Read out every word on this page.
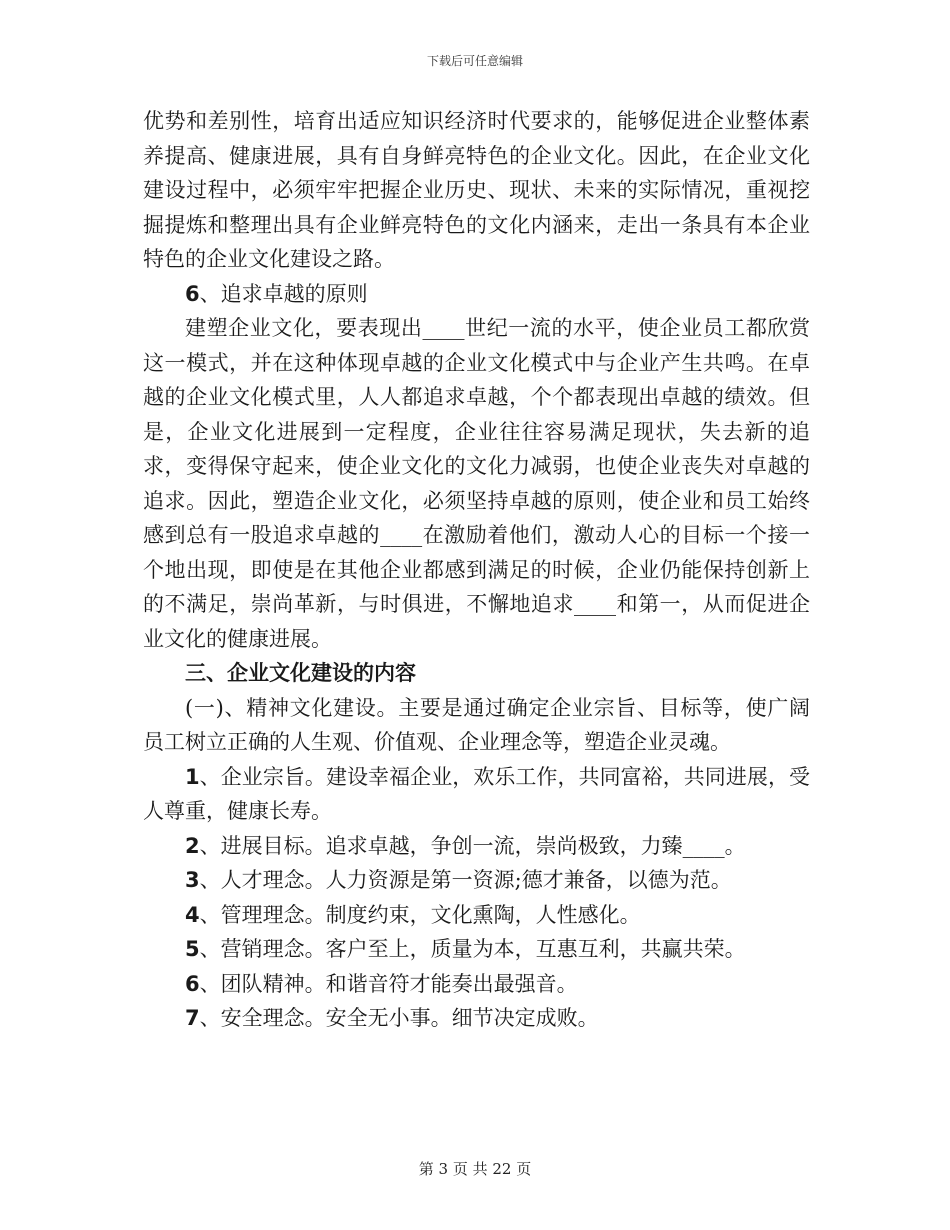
下载后可任意编辑

优势和差别性，培育出适应知识经济时代要求的，能够促进企业整体素养提高、健康进展，具有自身鲜亮特色的企业文化。因此，在企业文化建设过程中，必须牢牢把握企业历史、现状、未来的实际情况，重视挖掘提炼和整理出具有企业鲜亮特色的文化内涵来，走出一条具有本企业特色的企业文化建设之路。

6、追求卓越的原则

建塑企业文化，要表现出____世纪一流的水平，使企业员工都欣赏这一模式，并在这种体现卓越的企业文化模式中与企业产生共鸣。在卓越的企业文化模式里，人人都追求卓越，个个都表现出卓越的绩效。但是，企业文化进展到一定程度，企业往往容易满足现状，失去新的追求，变得保守起来，使企业文化的文化力减弱，也使企业丧失对卓越的追求。因此，塑造企业文化，必须坚持卓越的原则，使企业和员工始终感到总有一股追求卓越的____在激励着他们，激动人心的目标一个接一个地出现，即使是在其他企业都感到满足的时候，企业仍能保持创新上的不满足，崇尚革新，与时俱进，不懈地追求____和第一，从而促进企业文化的健康进展。

三、企业文化建设的内容

(一)、精神文化建设。主要是通过确定企业宗旨、目标等，使广阔员工树立正确的人生观、价值观、企业理念等，塑造企业灵魂。

1、企业宗旨。建设幸福企业，欢乐工作，共同富裕，共同进展，受人尊重，健康长寿。

2、进展目标。追求卓越，争创一流，崇尚极致，力臻____。

3、人才理念。人力资源是第一资源;德才兼备，以德为范。

4、管理理念。制度约束，文化熏陶，人性感化。

5、营销理念。客户至上，质量为本，互惠互利，共赢共荣。

6、团队精神。和谐音符才能奏出最强音。

7、安全理念。安全无小事。细节决定成败。

第 3 页 共 22 页
